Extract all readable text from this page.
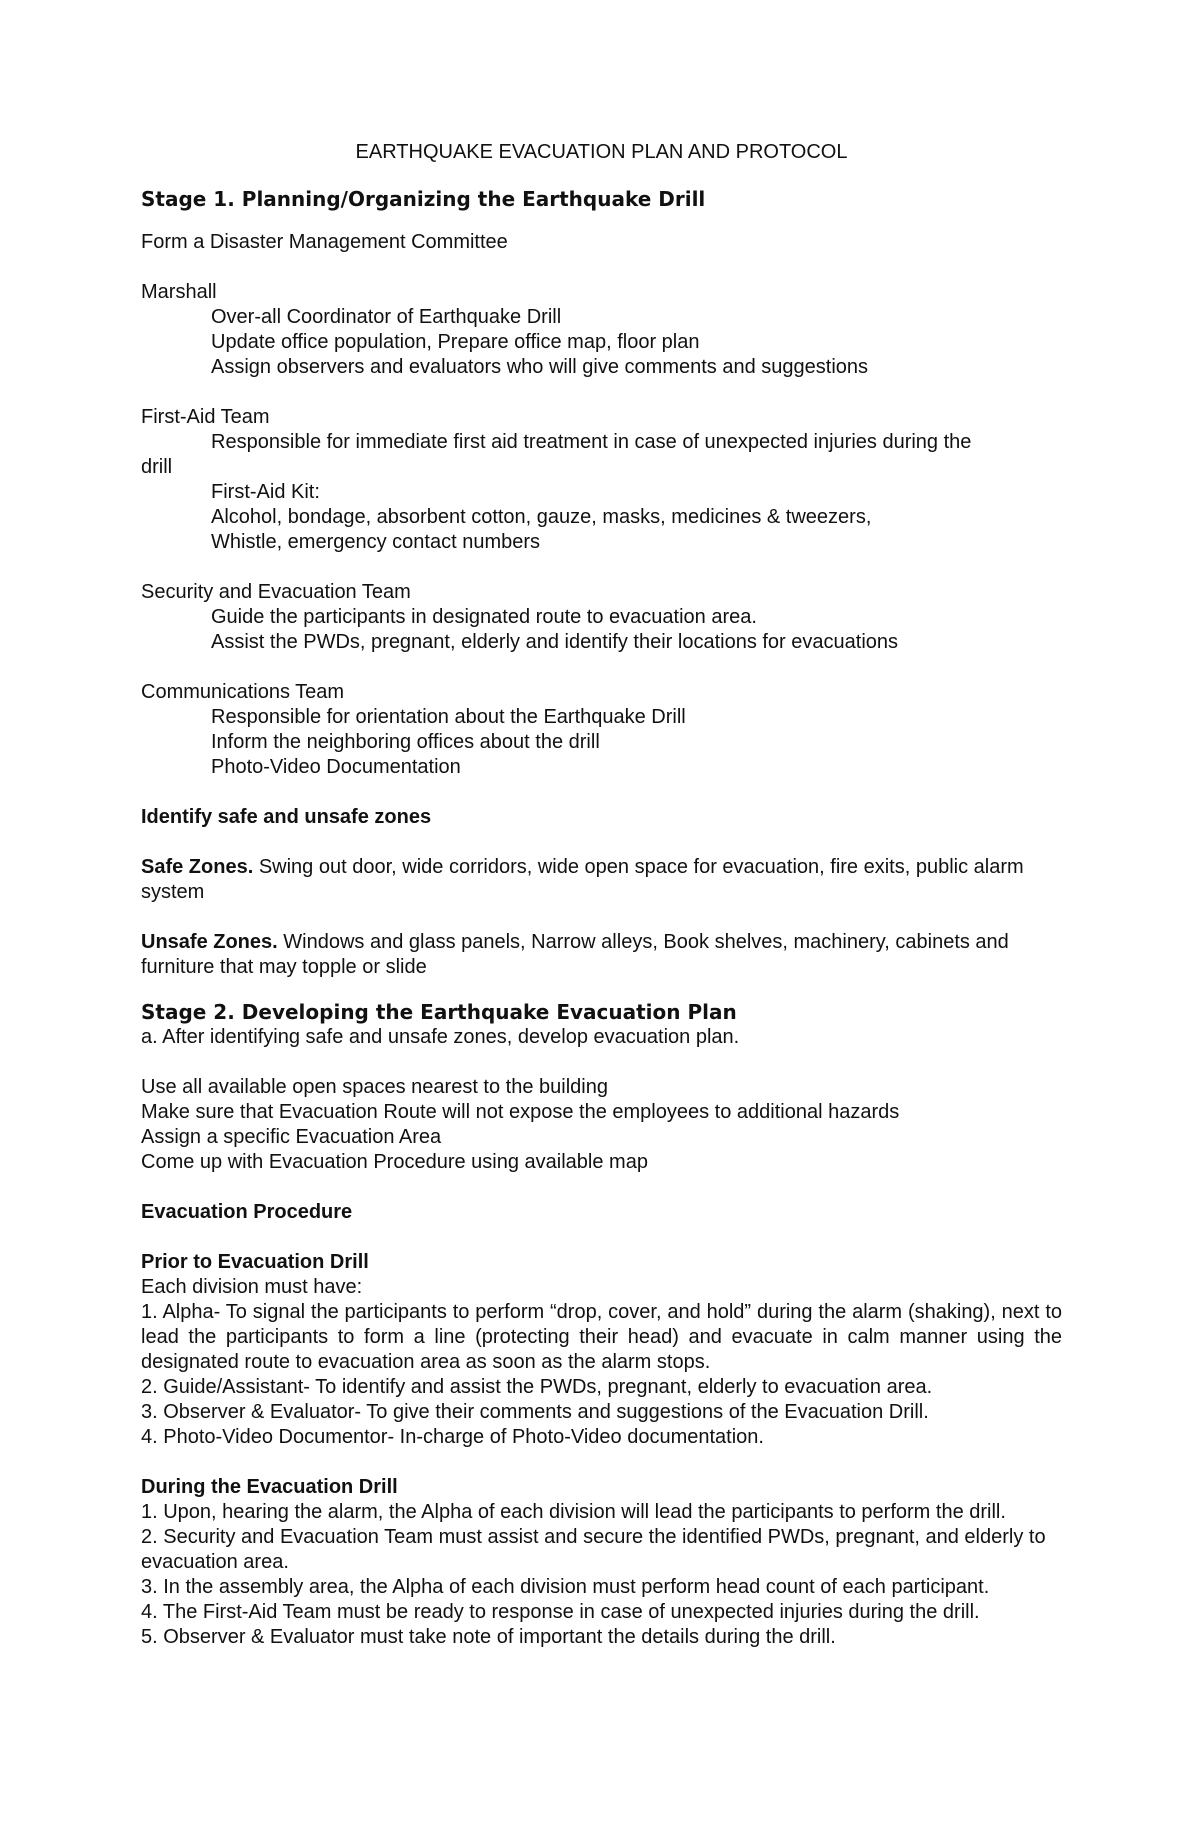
EARTHQUAKE EVACUATION PLAN AND PROTOCOL

Stage 1. Planning/Organizing the Earthquake Drill

Form a Disaster Management Committee

Marshall

Over-all Coordinator of Earthquake Drill

Update office population, Prepare office map, floor plan

Assign observers and evaluators who will give comments and suggestions

First-Aid Team

Responsible for immediate first aid treatment in case of unexpected injuries during the

drill

First-Aid Kit:

Alcohol, bondage, absorbent cotton, gauze, masks, medicines & tweezers,

Whistle, emergency contact numbers

Security and Evacuation Team

Guide the participants in designated route to evacuation area.

Assist the PWDs, pregnant, elderly and identify their locations for evacuations

Communications Team

Responsible for orientation about the Earthquake Drill

Inform the neighboring offices about the drill

Photo-Video Documentation

Identify safe and unsafe zones

Safe Zones. Swing out door, wide corridors, wide open space for evacuation, fire exits, public alarm system

Unsafe Zones. Windows and glass panels, Narrow alleys, Book shelves, machinery, cabinets and furniture that may topple or slide

Stage 2. Developing the Earthquake Evacuation Plan

a. After identifying safe and unsafe zones, develop evacuation plan.

Use all available open spaces nearest to the building

Make sure that Evacuation Route will not expose the employees to additional hazards

Assign a specific Evacuation Area

Come up with Evacuation Procedure using available map

Evacuation Procedure

Prior to Evacuation Drill

Each division must have:

1. Alpha- To signal the participants to perform “drop, cover, and hold” during the alarm (shaking), next to lead the participants to form a line (protecting their head) and evacuate in calm manner using the designated route to evacuation area as soon as the alarm stops.

2. Guide/Assistant- To identify and assist the PWDs, pregnant, elderly to evacuation area.

3. Observer & Evaluator- To give their comments and suggestions of the Evacuation Drill.

4. Photo-Video Documentor- In-charge of Photo-Video documentation.

During the Evacuation Drill

1. Upon, hearing the alarm, the Alpha of each division will lead the participants to perform the drill.

2. Security and Evacuation Team must assist and secure the identified PWDs, pregnant, and elderly to evacuation area.

3. In the assembly area, the Alpha of each division must perform head count of each participant.

4. The First-Aid Team must be ready to response in case of unexpected injuries during the drill.

5. Observer & Evaluator must take note of important the details during the drill.
